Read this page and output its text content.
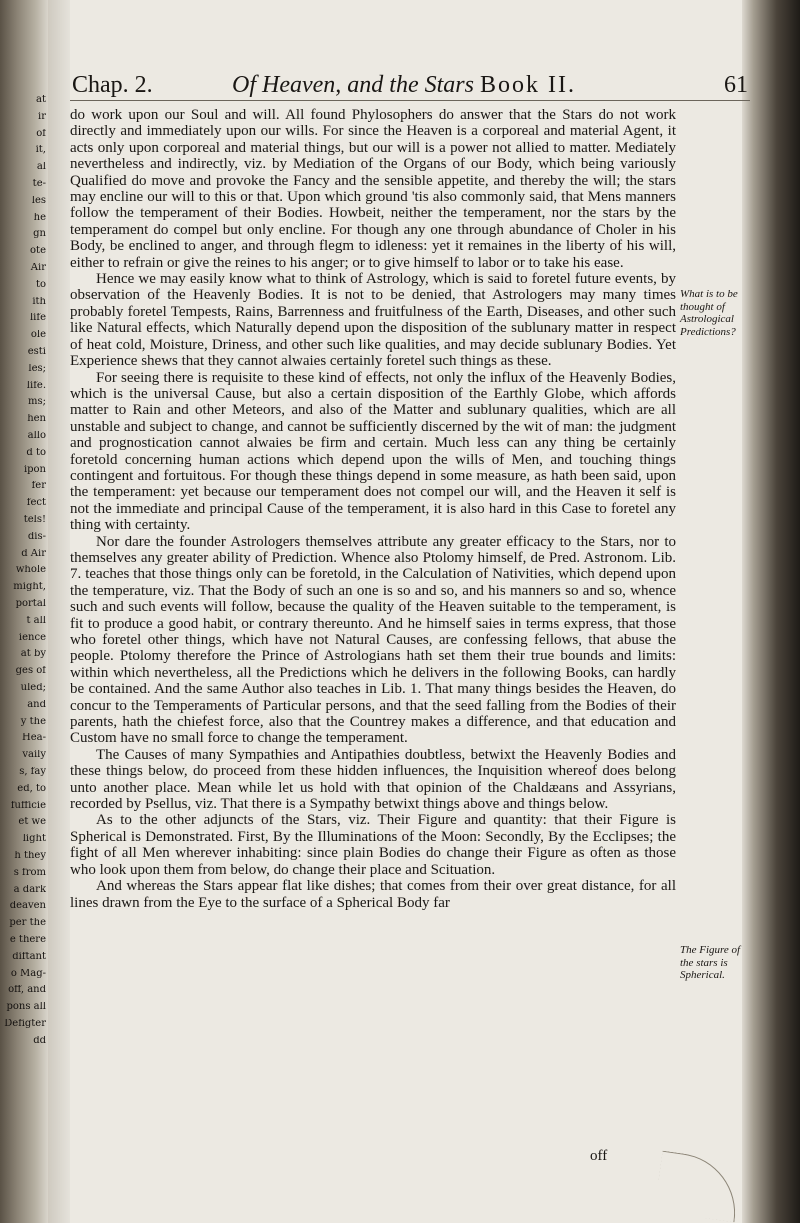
at
ir
of
it,
al
te-
les
he
gn
ote
Air
to
ith
life
ole
esti
les;
life.
ms;
hen
allo
d to
ipon
fer
fect
tels!
dis-
d Air
whole
might,
portal
t all
ience
at by
ges of
uled;
and
y the
Hea-
vaily
s, fay
ed, to
fufficie
et we
light
h they
s from
a dark
deaven
per the
e there
diftant
o Mag-
off, and
pons all
Defigter
dd
Chap. 2.	Of Heaven, and the Stars Book II.	61

do work upon our Soul and will. All found Phylosophers do answer that the Stars do not work directly and immediately upon our wills. For since the Heaven is a corporeal and material Agent, it acts only upon corporeal and material things, but our will is a power not allied to matter. Mediately nevertheless and indirectly, viz. by Mediation of the Organs of our Body, which being variously Qualified do move and provoke the Fancy and the sensible appetite, and thereby the will; the stars may encline our will to this or that. Upon which ground 'tis also commonly said, that Mens manners follow the temperament of their Bodies. Howbeit, neither the temperament, nor the stars by the temperament do compel but only encline. For though any one through abundance of Choler in his Body, be enclined to anger, and through flegm to idleness: yet it remaines in the liberty of his will, either to refrain or give the reines to his anger; or to give himself to labor or to take his ease.

Hence we may easily know what to think of Astrology, which is said to foretel future events, by observation of the Heavenly Bodies. It is not to be denied, that Astrologers may many times probably foretel Tempests, Rains, Barrenness and fruitfulness of the Earth, Diseases, and other such like Natural effects, which Naturally depend upon the disposition of the sublunary matter in respect of heat cold, Moisture, Driness, and other such like qualities, and may decide sublunary Bodies. Yet Experience shews that they cannot alwaies certainly foretel such things as these.

For seeing there is requisite to these kind of effects, not only the influx of the Heavenly Bodies, which is the universal Cause, but also a certain disposition of the Earthly Globe, which affords matter to Rain and other Meteors, and also of the Matter and sublunary qualities, which are all unstable and subject to change, and cannot be sufficiently discerned by the wit of man: the judgment and prognostication cannot alwaies be firm and certain. Much less can any thing be certainly foretold concerning human actions which depend upon the wills of Men, and touching things contingent and fortuitous. For though these things depend in some measure, as hath been said, upon the temperament: yet because our temperament does not compel our will, and the Heaven it self is not the immediate and principal Cause of the temperament, it is also hard in this Case to foretel any thing with certainty.

Nor dare the founder Astrologers themselves attribute any greater efficacy to the Stars, nor to themselves any greater ability of Prediction. Whence also Ptolomy himself, de Pred. Astronom. Lib. 7. teaches that those things only can be foretold, in the Calculation of Nativities, which depend upon the temperature, viz. That the Body of such an one is so and so, and his manners so and so, whence such and such events will follow, because the quality of the Heaven suitable to the temperament, is fit to produce a good habit, or contrary thereunto. And he himself saies in terms express, that those who foretel other things, which have not Natural Causes, are confessing fellows, that abuse the people. Ptolomy therefore the Prince of Astrologians hath set them their true bounds and limits: within which nevertheless, all the Predictions which he delivers in the following Books, can hardly be contained. And the same Author also teaches in Lib. 1. That many things besides the Heaven, do concur to the Temperaments of Particular persons, and that the seed falling from the Bodies of their parents, hath the chiefest force, also that the Countrey makes a difference, and that education and Custom have no small force to change the temperament.

The Causes of many Sympathies and Antipathies doubtless, betwixt the Heavenly Bodies and these things below, do proceed from these hidden influences, the Inquisition whereof does belong unto another place. Mean while let us hold with that opinion of the Chaldæans and Assyrians, recorded by Psellus, viz. That there is a Sympathy betwixt things above and things below.

As to the other adjuncts of the Stars, viz. Their Figure and quantity: that their Figure is Spherical is Demonstrated. First, By the Illuminations of the Moon: Secondly, By the Ecclipses; the fight of all Men wherever inhabiting: since plain Bodies do change their Figure as often as those who look upon them from below, do change their place and Scituation.

And whereas the Stars appear flat like dishes; that comes from their over great distance, for all lines drawn from the Eye to the surface of a Spherical Body far

What is to be thought of Astrological Predictions?
The Figure of the stars is Spherical.
off
